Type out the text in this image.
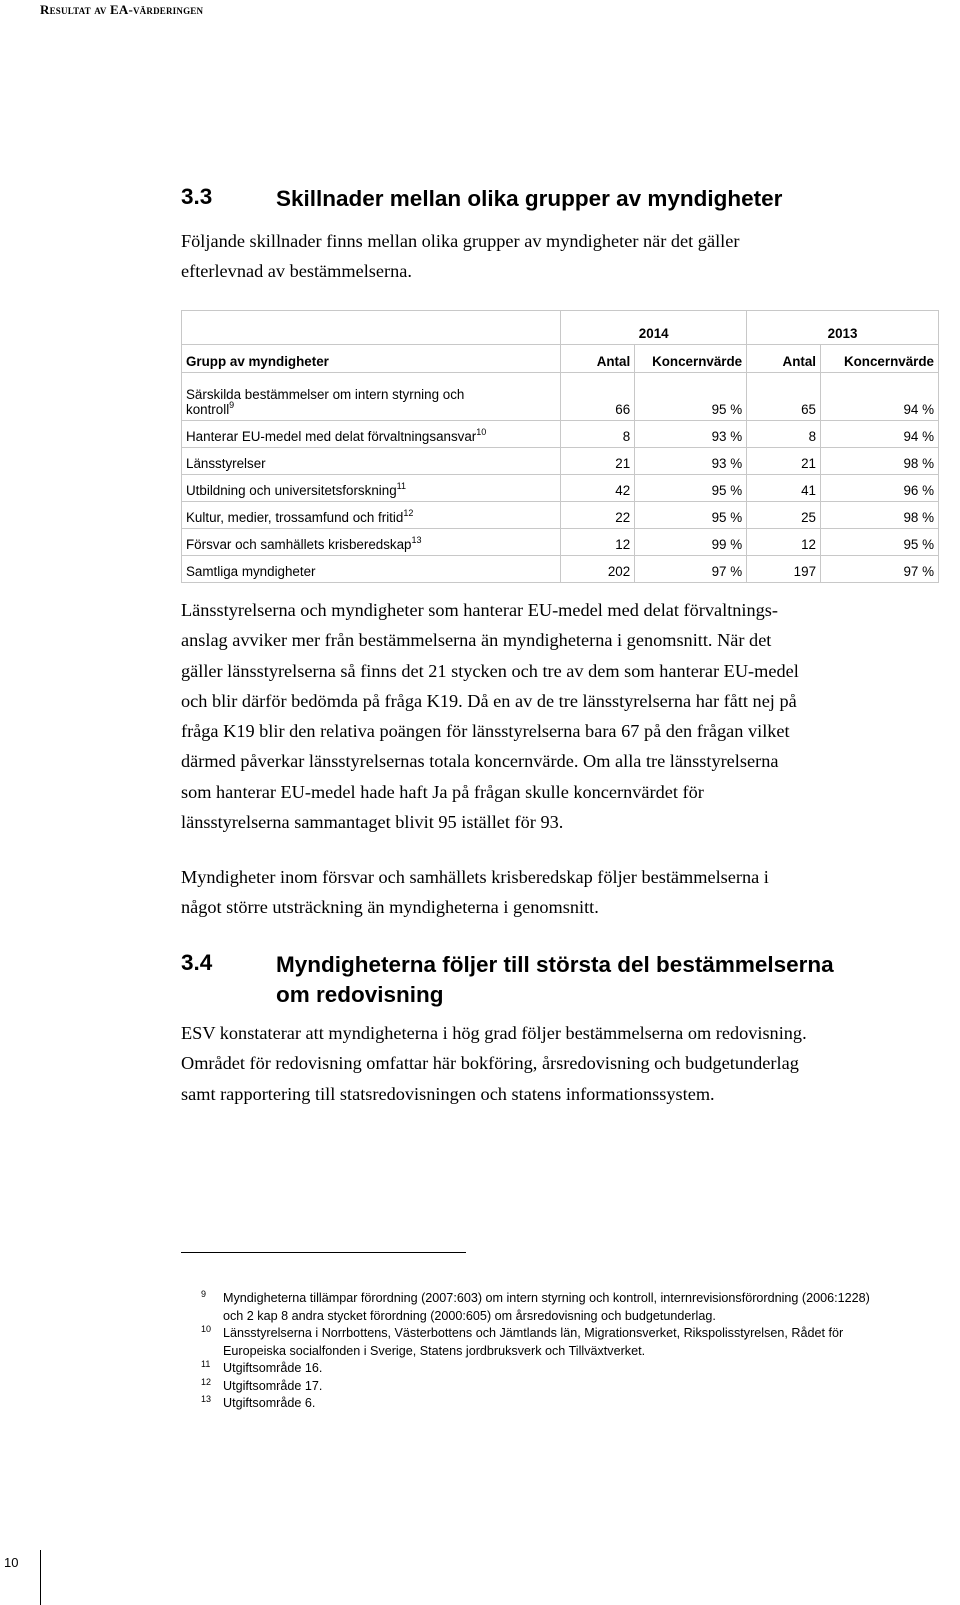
Resultat av EA-värderingen
3.3	Skillnader mellan olika grupper av myndigheter

Följande skillnader finns mellan olika grupper av myndigheter när det gäller
efterlevnad av bestämmelserna.

	2014		2013	
Grupp av myndigheter	Antal	Koncernvärde	Antal	Koncernvärde
Särskilda bestämmelser om intern styrning och
kontroll$^9$	66	95 %	65	94 %
Hanterar EU-medel med delat förvaltningsansvar$^{10}$	8	93 %	8	94 %
Länsstyrelser	21	93 %	21	98 %
Utbildning och universitetsforskning$^{11}$	42	95 %	41	96 %
Kultur, medier, trossamfund och fritid$^{12}$	22	95 %	25	98 %
Försvar och samhällets krisberedskap$^{13}$	12	99 %	12	95 %
Samtliga myndigheter	202	97 %	197	97 %

Länsstyrelserna och myndigheter som hanterar EU-medel med delat förvaltnings-
anslag avviker mer från bestämmelserna än myndigheterna i genomsnitt. När det
gäller länsstyrelserna så finns det 21 stycken och tre av dem som hanterar EU-medel
och blir därför bedömda på fråga K19. Då en av de tre länsstyrelserna har fått nej på
fråga K19 blir den relativa poängen för länsstyrelserna bara 67 på den frågan vilket
därmed påverkar länsstyrelsernas totala koncernvärde. Om alla tre länsstyrelserna
som hanterar EU-medel hade haft Ja på frågan skulle koncernvärdet för
länsstyrelserna sammantaget blivit 95 istället för 93.

Myndigheter inom försvar och samhällets krisberedskap följer bestämmelserna i
något större utsträckning än myndigheterna i genomsnitt.

3.4	Myndigheterna följer till största del bestämmelserna
om redovisning

ESV konstaterar att myndigheterna i hög grad följer bestämmelserna om redovisning.
Området för redovisning omfattar här bokföring, årsredovisning och budgetunderlag
samt rapportering till statsredovisningen och statens informationssystem.

9	Myndigheterna tillämpar förordning (2007:603) om intern styrning och kontroll, internrevisionsförordning (2006:1228)
och 2 kap 8 andra stycket förordning (2000:605) om årsredovisning och budgetunderlag.
10 Länsstyrelserna i Norrbottens, Västerbottens och Jämtlands län, Migrationsverket, Rikspolisstyrelsen, Rådet för
Europeiska socialfonden i Sverige, Statens jordbruksverk och Tillväxtverket.
11	Utgiftsområde 16.
12 Utgiftsområde 17.
13 Utgiftsområde 6.
10
